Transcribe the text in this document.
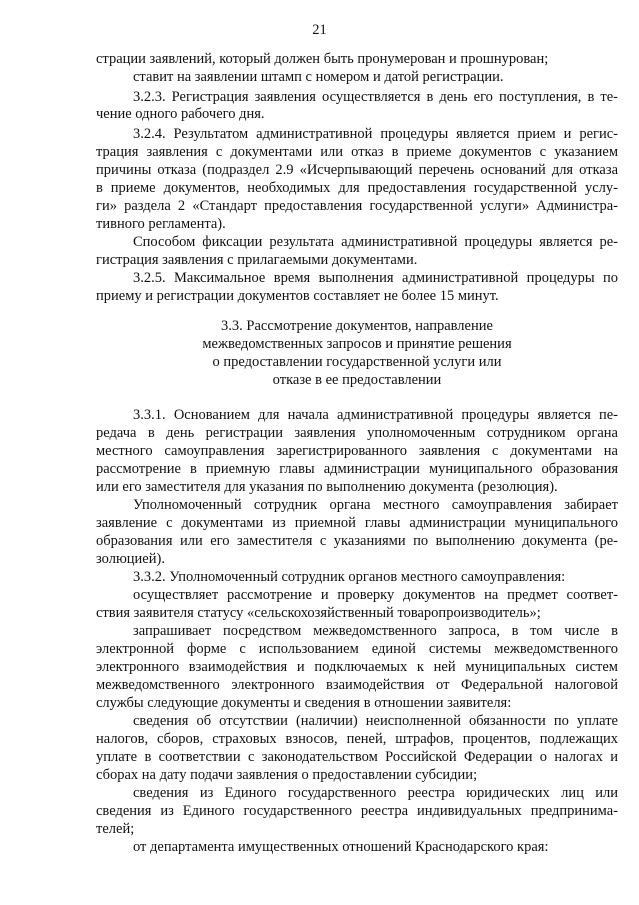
21
страции заявлений, который должен быть пронумерован и прошнурован;
ставит на заявлении штамп с номером и датой регистрации.
3.2.3. Регистрация заявления осуществляется в день его поступления, в те-
чение одного рабочего дня.
3.2.4. Результатом административной процедуры является прием и регис-
трация заявления с документами или отказ в приеме документов с указанием
причины отказа (подраздел 2.9 «Исчерпывающий перечень оснований для отказа
в приеме документов, необходимых для предоставления государственной услу-
ги» раздела 2 «Стандарт предоставления государственной услуги» Администра-
тивного регламента).
Способом фиксации результата административной процедуры является ре-
гистрация заявления с прилагаемыми документами.
3.2.5. Максимальное время выполнения административной процедуры по
приему и регистрации документов составляет не более 15 минут.
3.3. Рассмотрение документов, направление
межведомственных запросов и принятие решения
о предоставлении государственной услуги или
отказе в ее предоставлении
3.3.1. Основанием для начала административной процедуры является пе-
редача в день регистрации заявления уполномоченным сотрудником органа
местного самоуправления зарегистрированного заявления с документами на
рассмотрение в приемную главы администрации муниципального образования
или его заместителя для указания по выполнению документа (резолюция).
Уполномоченный сотрудник органа местного самоуправления забирает
заявление с документами из приемной главы администрации муниципального
образования или его заместителя с указаниями по выполнению документа (ре-
золюцией).
3.3.2. Уполномоченный сотрудник органов местного самоуправления:
осуществляет рассмотрение и проверку документов на предмет соответ-
ствия заявителя статусу «сельскохозяйственный товаропроизводитель»;
запрашивает посредством межведомственного запроса, в том числе в
электронной форме с использованием единой системы межведомственного
электронного взаимодействия и подключаемых к ней муниципальных систем
межведомственного электронного взаимодействия от Федеральной налоговой
службы следующие документы и сведения в отношении заявителя:
сведения об отсутствии (наличии) неисполненной обязанности по уплате
налогов, сборов, страховых взносов, пеней, штрафов, процентов, подлежащих
уплате в соответствии с законодательством Российской Федерации о налогах и
сборах на дату подачи заявления о предоставлении субсидии;
сведения из Единого государственного реестра юридических лиц или
сведения из Единого государственного реестра индивидуальных предпринима-
телей;
от департамента имущественных отношений Краснодарского края:
